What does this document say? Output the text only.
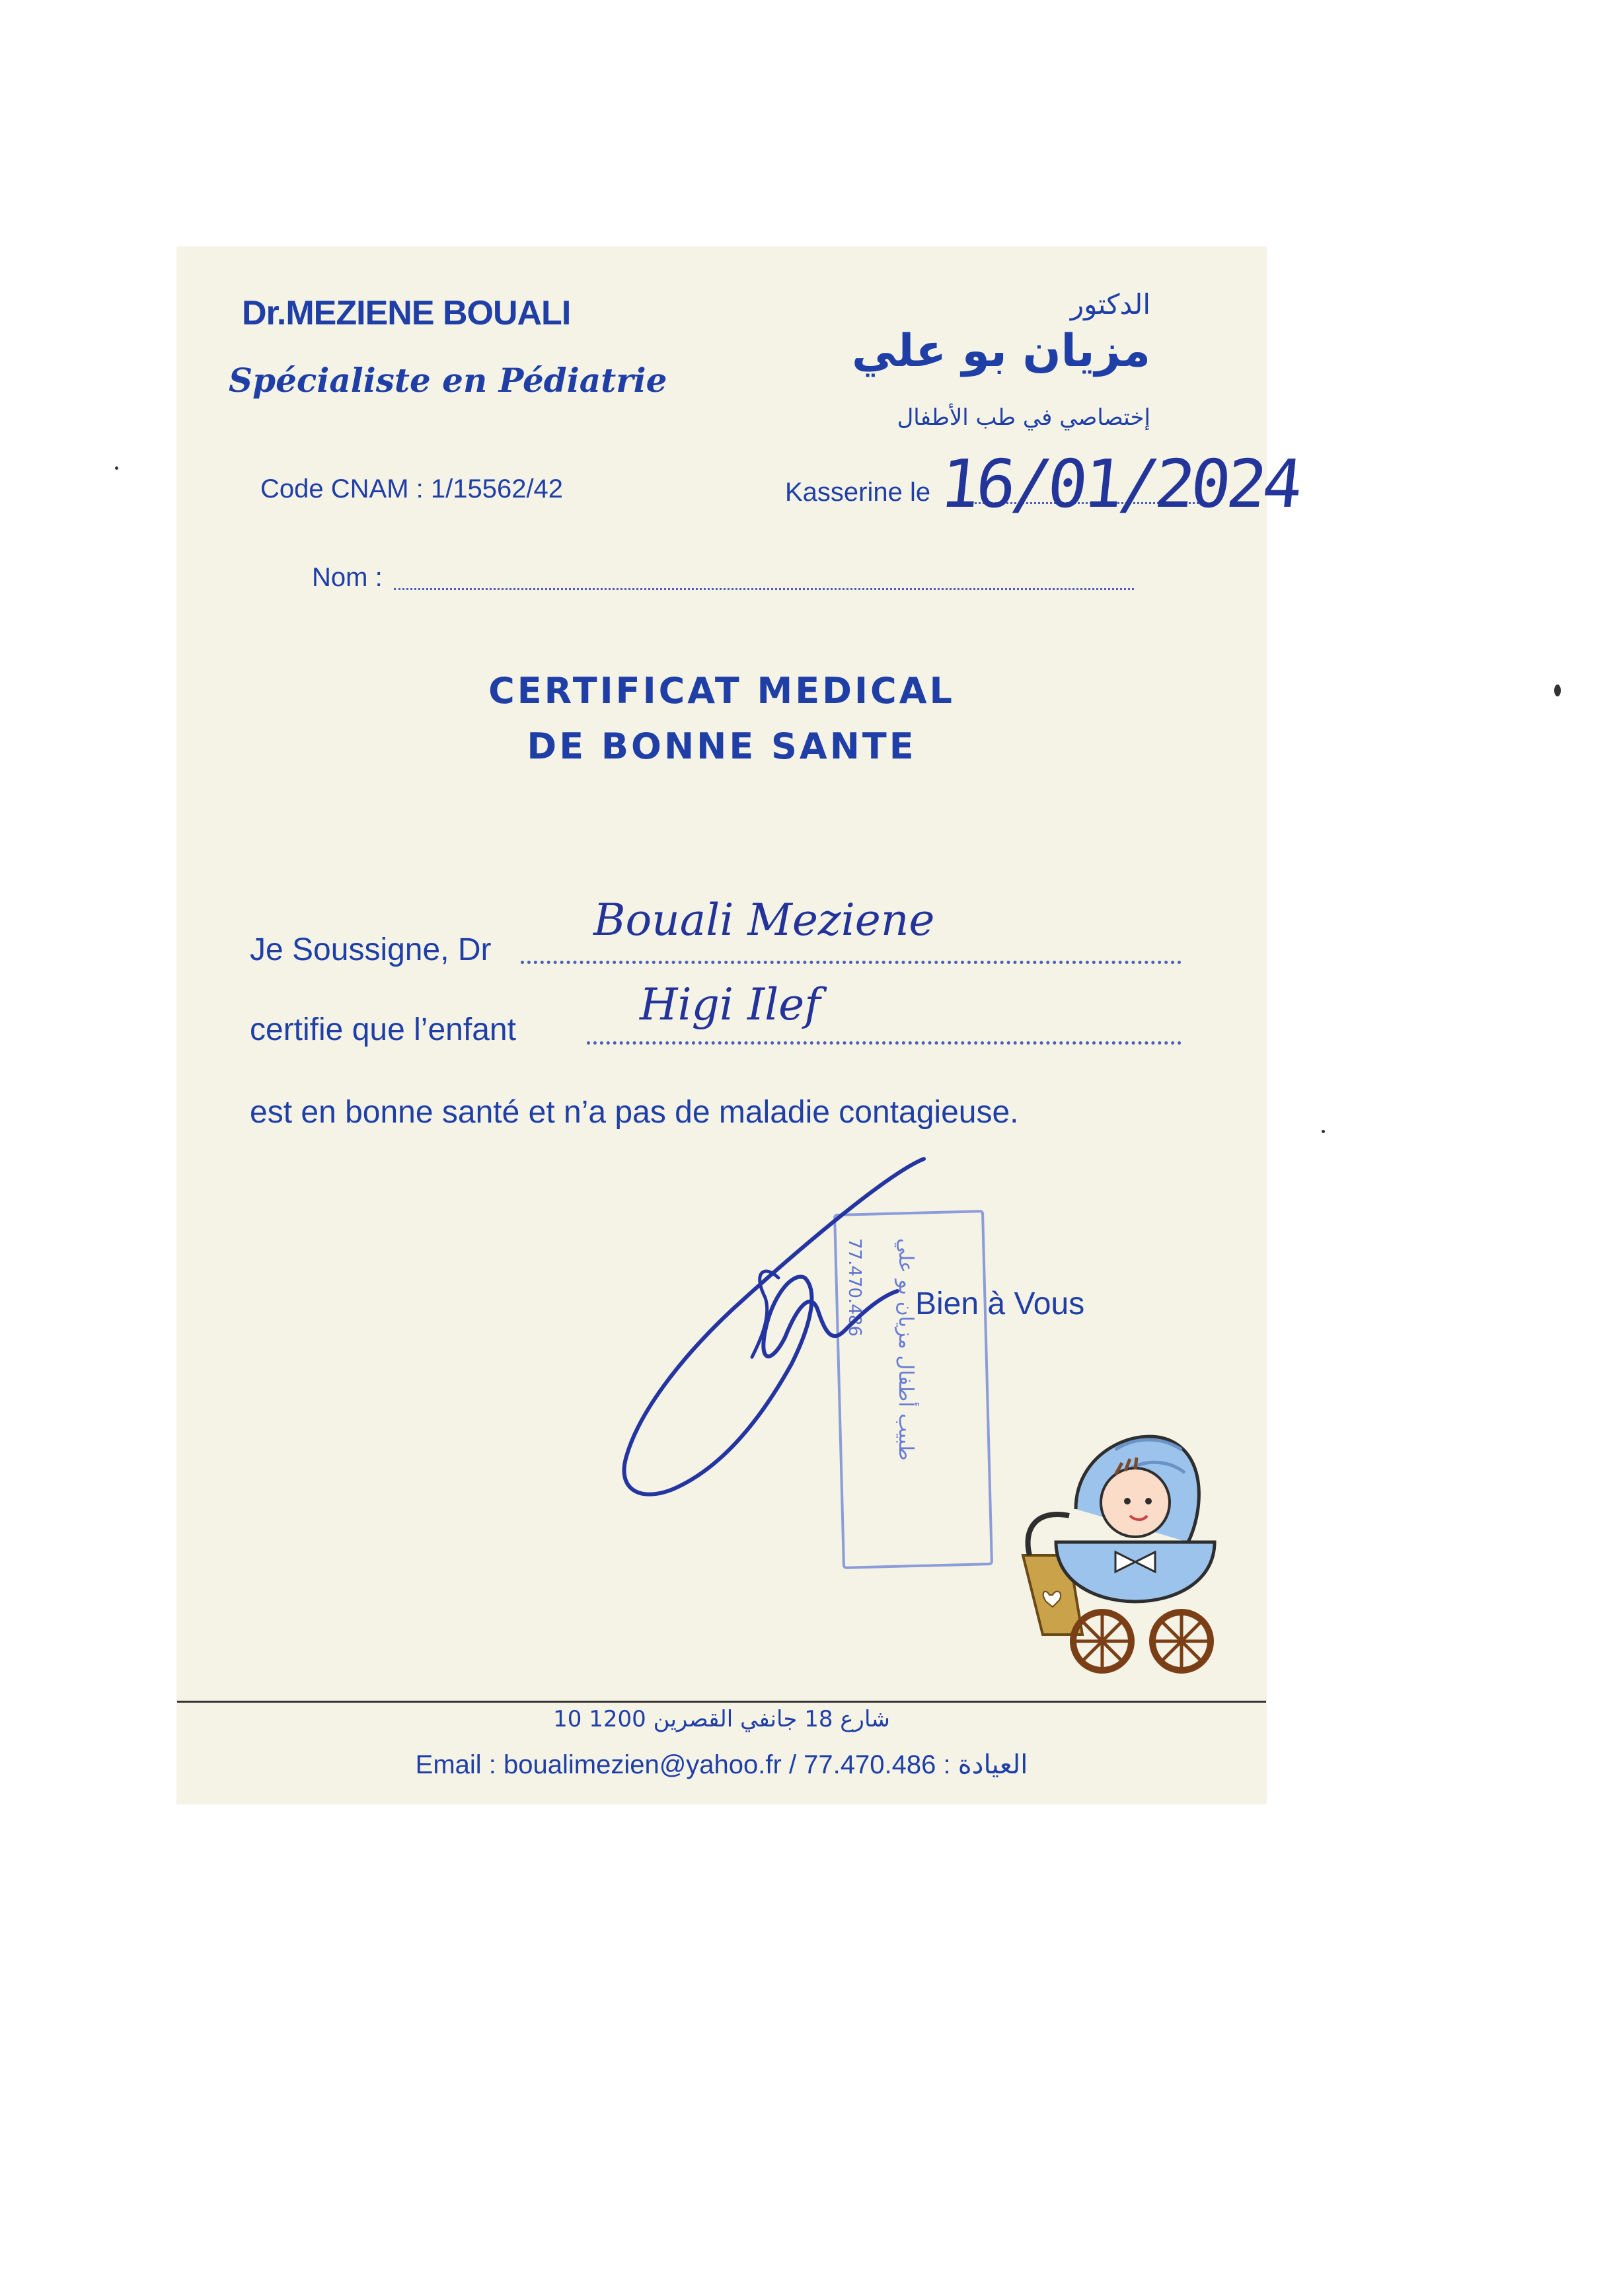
Dr.MEZIENE BOUALI
Spécialiste en Pédiatrie
الدكتور
مزيان بو علي
إختصاصي في طب الأطفال
Code CNAM : 1/15562/42	Kasserine le 16/01/2024
Nom :
CERTIFICAT MEDICAL
DE BONNE SANTE
Je Soussigne, Dr
Bouali Meziene
certifie que l’enfant	Higi Ilef
est en bonne santé et n’a pas de maladie contagieuse.
77.470.486 طبيب أطفال مزيان بو علي
Bien à Vous
10 شارع 18 جانفي القصرين 1200
Email : boualimezien@yahoo.fr / 77.470.486 : العيادة
